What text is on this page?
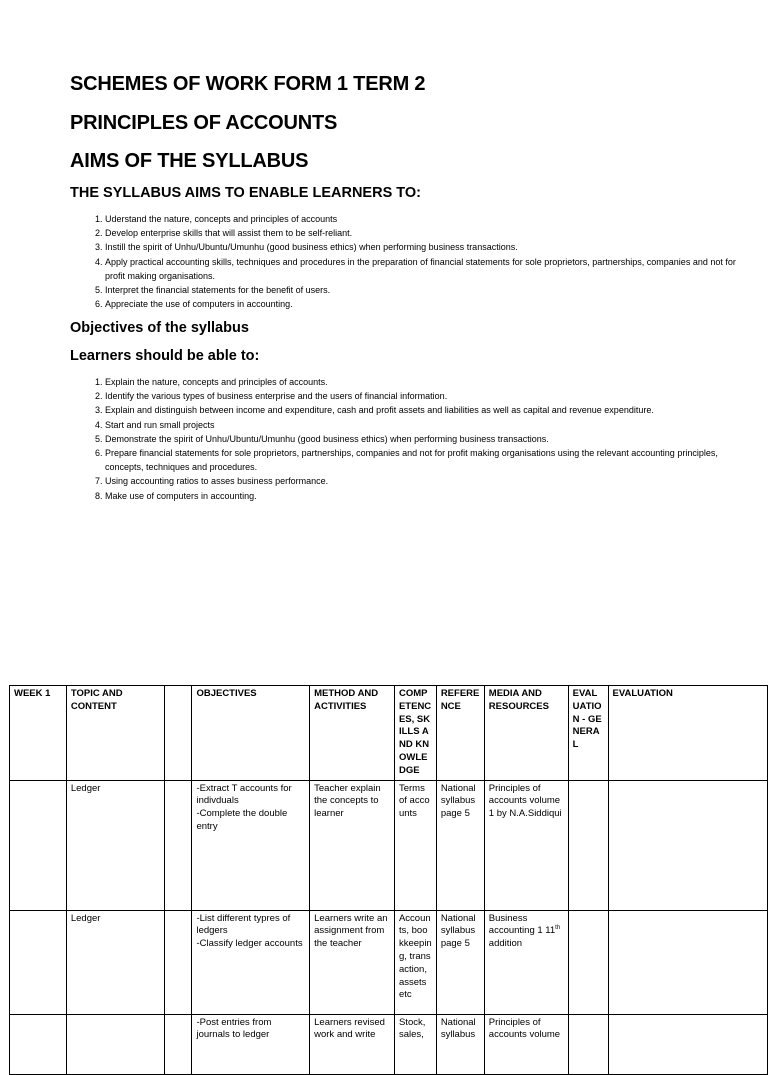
SCHEMES OF WORK FORM 1 TERM 2
PRINCIPLES OF ACCOUNTS
AIMS OF THE SYLLABUS
THE SYLLABUS AIMS TO ENABLE LEARNERS TO:
1. Uderstand the nature, concepts and principles of accounts
2. Develop enterprise skills that will assist them to be self-reliant.
3. Instill the spirit of Unhu/Ubuntu/Umunhu (good business ethics) when performing business transactions.
4. Apply practical accounting skills, techniques and procedures in the preparation of financial statements for sole proprietors, partnerships, companies and not for profit making organisations.
5. Interpret the financial statements for the benefit of users.
6. Appreciate the use of computers in accounting.
Objectives of the syllabus
Learners should be able to:
1. Explain the nature, concepts and principles of accounts.
2. Identify the various types of business enterprise and the users of financial information.
3. Explain and distinguish between income and expenditure, cash and profit assets and liabilities as well as capital and revenue expenditure.
4. Start and run small projects
5. Demonstrate the spirit of Unhu/Ubuntu/Umunhu (good business ethics) when performing business transactions.
6. Prepare financial statements for sole proprietors, partnerships, companies and not for profit making organisations using the relevant accounting principles, concepts, techniques and procedures.
7. Using accounting ratios to asses business performance.
8. Make use of computers in accounting.
WEEK 1	TOPIC AND CONTENT		OBJECTIVES	METHOD AND ACTIVITIES	COMPETENCES, SKILLS AND KNOWLEDGE	REFERENCE	MEDIA AND RESOURCES	EVALUATION - GENERAL	EVALUATION
	Ledger		-Extract T accounts for indivduals
-Complete the double entry	Teacher explain the concepts to learner	Terms of accounts	National syllabus page 5	Principles of accounts volume 1 by N.A.Siddiqui		
	Ledger		-List different typres of ledgers
-Classify ledger accounts	Learners write an assignment from the teacher	Accounts, bookkeeping, transaction, assets etc	National syllabus page 5	Business accounting 1 11th addition		
			-Post entries from journals to ledger	Learners revised work and write	Stock, sales,	National syllabus	Principles of accounts volume		
